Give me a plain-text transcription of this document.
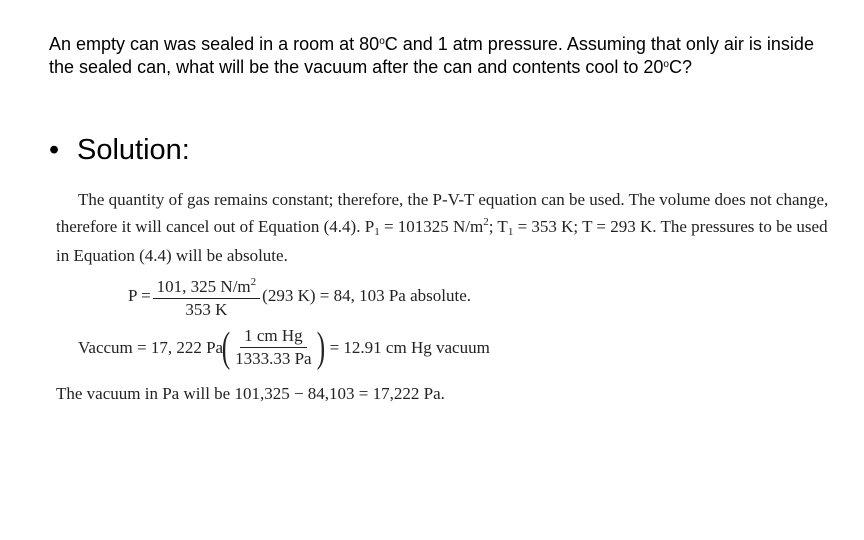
An empty can was sealed in a room at 80$^o$C and 1 atm pressure. Assuming that only air is inside the sealed can, what will be the vacuum after the can and contents cool to 20$^o$C?
• Solution:
The quantity of gas remains constant; therefore, the P-V-T equation can be used. The volume does not change, therefore it will cancel out of Equation (4.4). $P_1 = 101325$ $N/m^2$; $T_1 = 353$ K; T = 293 K. The pressures to be used in Equation (4.4) will be absolute.
$P = \frac{101, 325 N/m^2}{353 K} (293$ K) = 84, 103 Pa absolute.
Vaccum = 17, 222 Pa
( $\frac{\text{1 cm Hg}}{1333.33 Pa}$ ) = 12.91 cm Hg vacuum
The vacuum in Pa will be 101,325 − 84,103 = 17,222 Pa.
